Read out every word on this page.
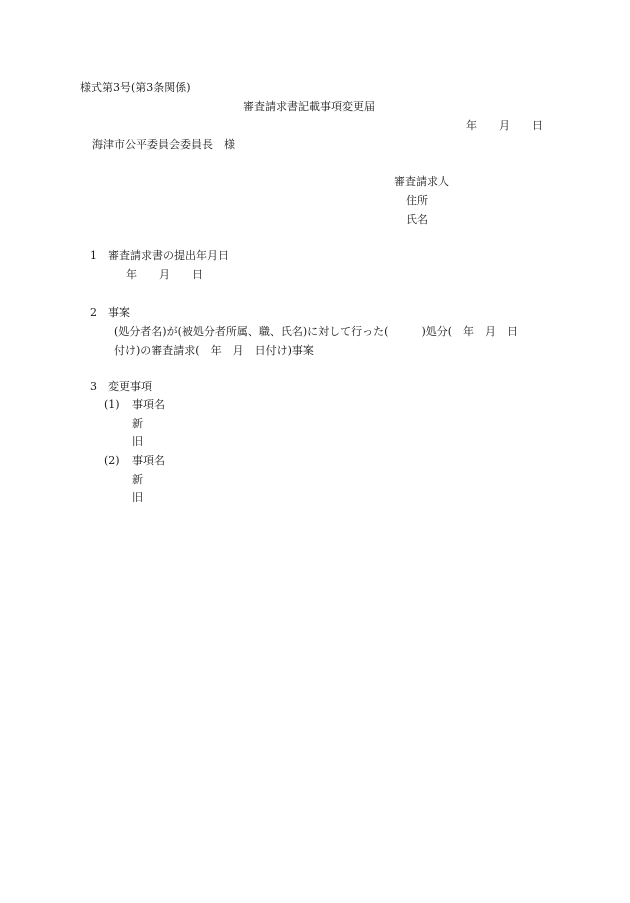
様式第3号(第3条関係)
審査請求書記載事項変更届
年　　月　　日
海津市公平委員会委員長　様
審査請求人
住所
氏名
1　審査請求書の提出年月日
年　　月　　日
2　事案
(処分者名)が(被処分者所属、職、氏名)に対して行った(　　　)処分(　年　月　日
付け)の審査請求(　年　月　日付け)事案
3　変更事項
(1) 事項名
新
旧
(2) 事項名
新
旧
